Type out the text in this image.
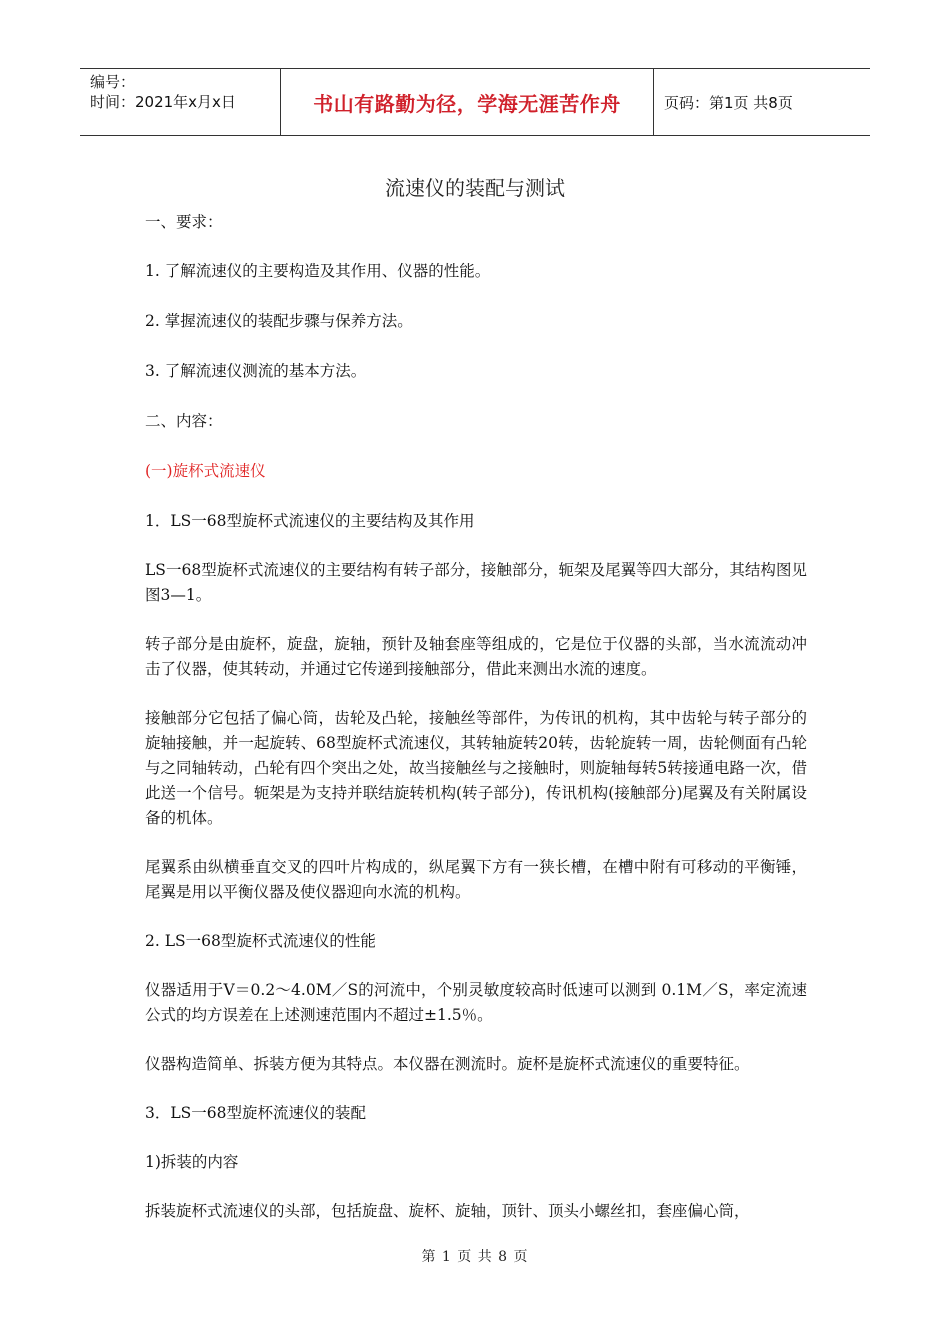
编号：
时间：2021年x月x日	书山有路勤为径，学海无涯苦作舟	页码：第1页 共8页
流速仪的装配与测试

一、要求：

1. 了解流速仪的主要构造及其作用、仪器的性能。

2. 掌握流速仪的装配步骤与保养方法。

3. 了解流速仪测流的基本方法。

二、内容：

(一)旋杯式流速仪

1．LS一68型旋杯式流速仪的主要结构及其作用

LS一68型旋杯式流速仪的主要结构有转子部分，接触部分，轭架及尾翼等四大部分，其结构图见图3—1。

转子部分是由旋杯，旋盘，旋轴，预针及轴套座等组成的，它是位于仪器的头部，当水流流动冲击了仪器，使其转动，并通过它传递到接触部分，借此来测出水流的速度。

接触部分它包括了偏心筒，齿轮及凸轮，接触丝等部件，为传讯的机构，其中齿轮与转子部分的旋轴接触，并一起旋转、68型旋杯式流速仪，其转轴旋转20转，齿轮旋转一周，齿轮侧面有凸轮与之同轴转动，凸轮有四个突出之处，故当接触丝与之接触时，则旋轴每转5转接通电路一次，借此送一个信号。轭架是为支持并联结旋转机构(转子部分)，传讯机构(接触部分)尾翼及有关附属设备的机体。

尾翼系由纵横垂直交叉的四叶片构成的，纵尾翼下方有一狭长槽，在槽中附有可移动的平衡锤，尾翼是用以平衡仪器及使仪器迎向水流的机构。

2. LS一68型旋杯式流速仪的性能

仪器适用于V＝0.2～4.0M／S的河流中，个别灵敏度较高时低速可以测到 0.1M／S，率定流速公式的均方误差在上述测速范围内不超过±1.5％。

仪器构造简单、拆装方便为其特点。本仪器在测流时。旋杯是旋杯式流速仪的重要特征。

3．LS一68型旋杯流速仪的装配

1)拆装的内容

拆装旋杯式流速仪的头部，包括旋盘、旋杯、旋轴，顶针、顶头小螺丝扣，套座偏心筒，

第 1 页 共 8 页
